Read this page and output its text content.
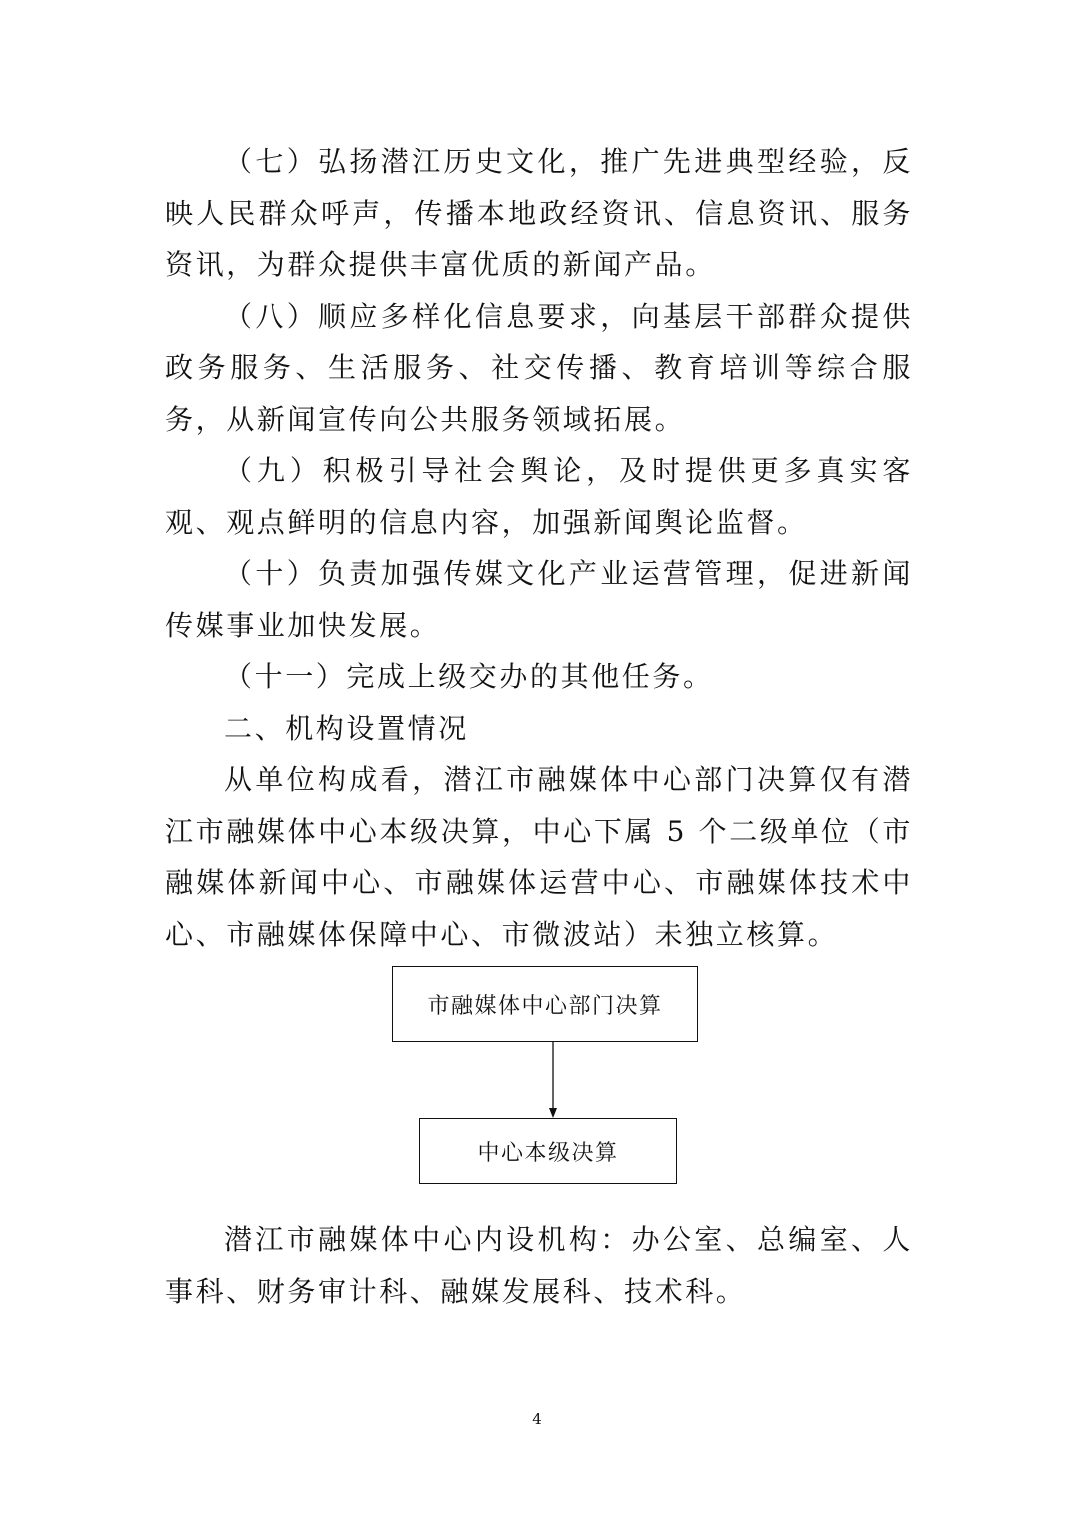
（七）弘扬潜江历史文化，推广先进典型经验，反映人民群众呼声，传播本地政经资讯、信息资讯、服务资讯，为群众提供丰富优质的新闻产品。

（八）顺应多样化信息要求，向基层干部群众提供政务服务、生活服务、社交传播、教育培训等综合服务，从新闻宣传向公共服务领域拓展。

（九）积极引导社会舆论，及时提供更多真实客观、观点鲜明的信息内容，加强新闻舆论监督。

（十）负责加强传媒文化产业运营管理，促进新闻传媒事业加快发展。

（十一）完成上级交办的其他任务。

二、机构设置情况

从单位构成看，潜江市融媒体中心部门决算仅有潜江市融媒体中心本级决算，中心下属 5 个二级单位（市融媒体新闻中心、市融媒体运营中心、市融媒体技术中心、市融媒体保障中心、市微波站）未独立核算。

市融媒体中心部门决算
中心本级决算

潜江市融媒体中心内设机构：办公室、总编室、人事科、财务审计科、融媒发展科、技术科。

4
